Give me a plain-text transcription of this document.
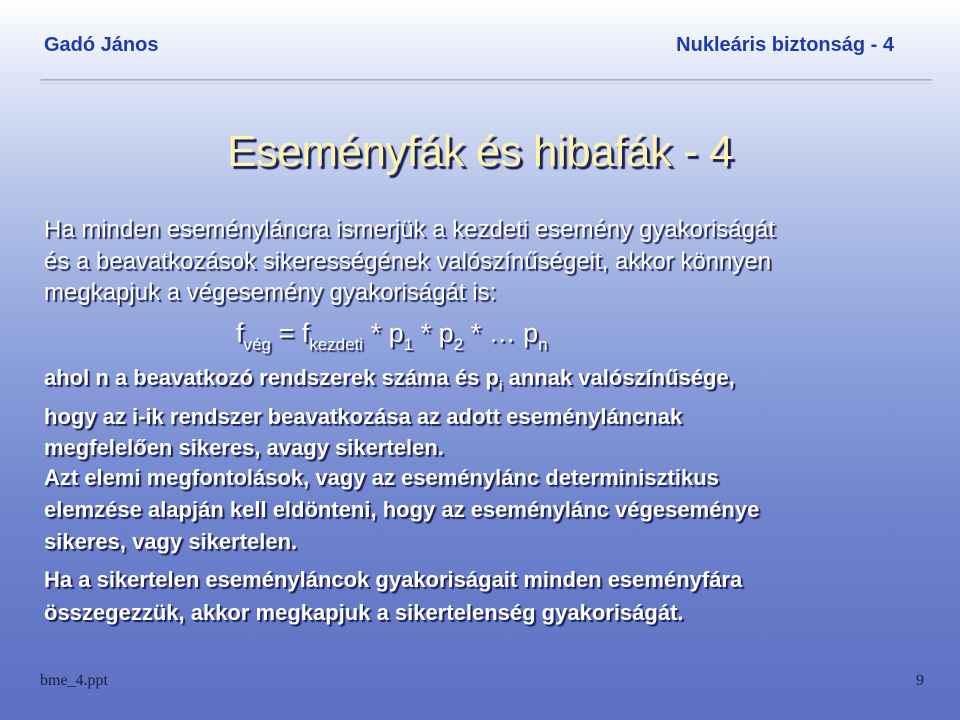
Gadó János	Nukleáris biztonság - 4
Eseményfák és hibafák - 4
Ha minden eseményláncra ismerjük a kezdeti esemény gyakoriságát
és a beavatkozások sikerességének valószínűségeit, akkor könnyen
megkapjuk a végesemény gyakoriságát is:
$f_{vég} = f_{kezdeti} * p_1 * p_2$ * … $p_n$
ahol n a beavatkozó rendszerek száma és $p_i$ annak valószínűsége,
hogy az i-ik rendszer beavatkozása az adott eseményláncnak
megfelelően sikeres, avagy sikertelen.
Azt elemi megfontolások, vagy az eseménylánc determinisztikus
elemzése alapján kell eldönteni, hogy az eseménylánc végeseménye
sikeres, vagy sikertelen.
Ha a sikertelen eseményláncok gyakoriságait minden eseményfára
összegezzük, akkor megkapjuk a sikertelenség gyakoriságát.
bme_4.ppt	9
